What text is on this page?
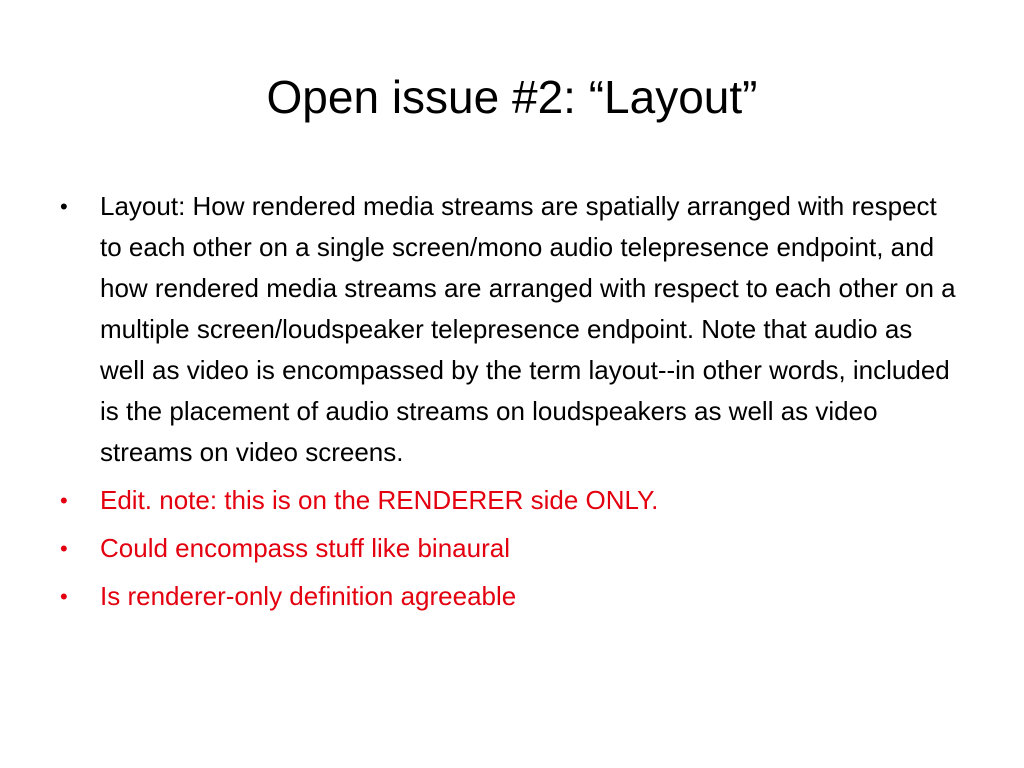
Open issue #2: “Layout”
•	Layout: How rendered media streams are spatially arranged with respect to each other on a single screen/mono audio telepresence endpoint, and how rendered media streams are arranged with respect to each other on a multiple screen/loudspeaker telepresence endpoint. Note that audio as well as video is encompassed by the term layout--in other words, included is the placement of audio streams on loudspeakers as well as video streams on video screens.
•	Edit. note: this is on the RENDERER side ONLY.
•	Could encompass stuff like binaural
•	Is renderer-only definition agreeable
